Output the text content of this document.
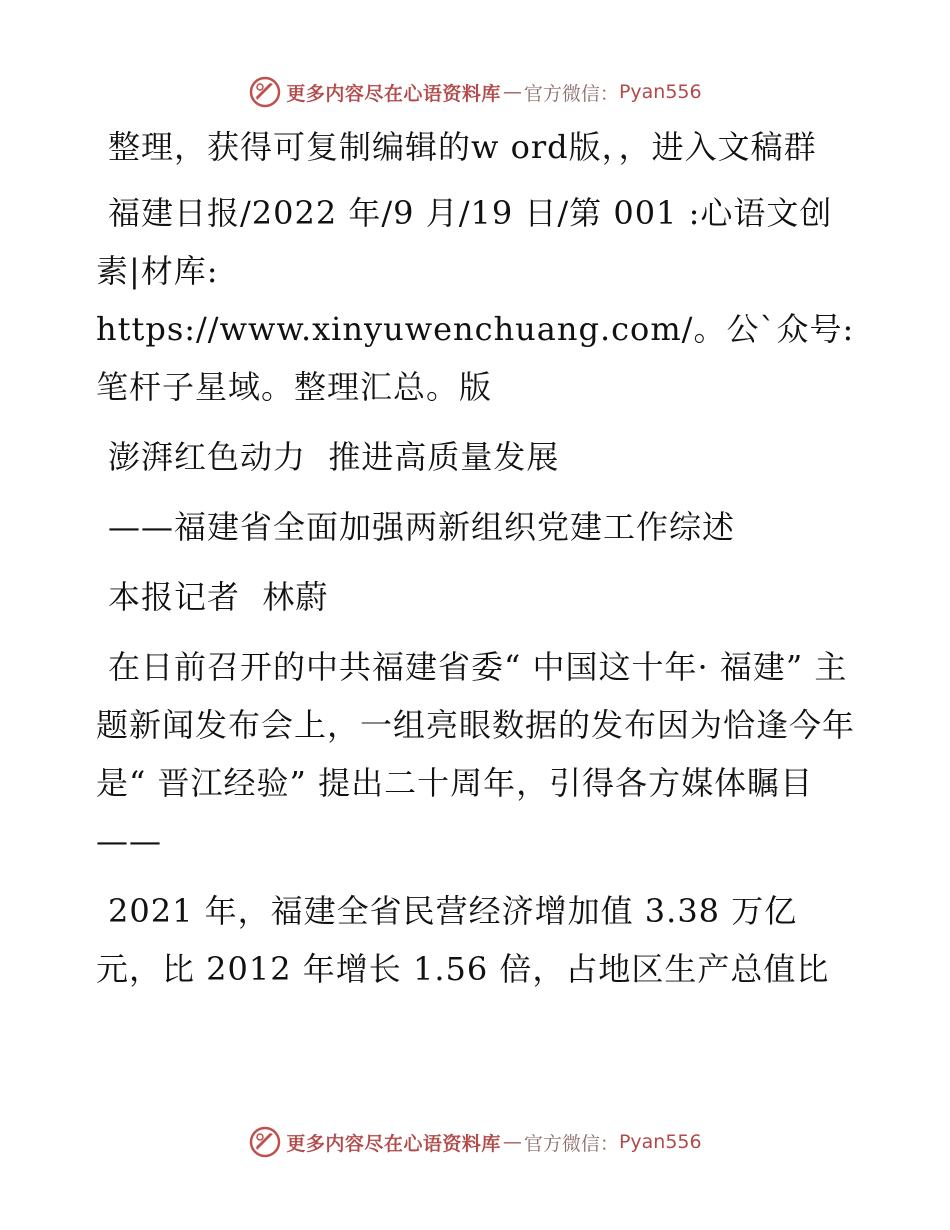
更多内容尽在心语资料库 — 官方微信： Pyan556

整理，获得可复制编辑的w ord版，，进入文稿群

福建日报/2022 年/9 月/19 日/第 001 :心语文创素|材库: https://www.xinyuwenchuang.com/。公`众号: 笔杆子星域。整理汇总。版

澎湃红色动力  推进高质量发展

——福建省全面加强两新组织党建工作综述

本报记者  林蔚

在日前召开的中共福建省委“ 中国这十年· 福建” 主题新闻发布会上，一组亮眼数据的发布因为恰逢今年是“ 晋江经验” 提出二十周年，引得各方媒体瞩目——

2021 年，福建全省民营经济增加值 3.38 万亿元，比 2012 年增长 1.56 倍，占地区生产总值比

更多内容尽在心语资料库 — 官方微信： Pyan556
